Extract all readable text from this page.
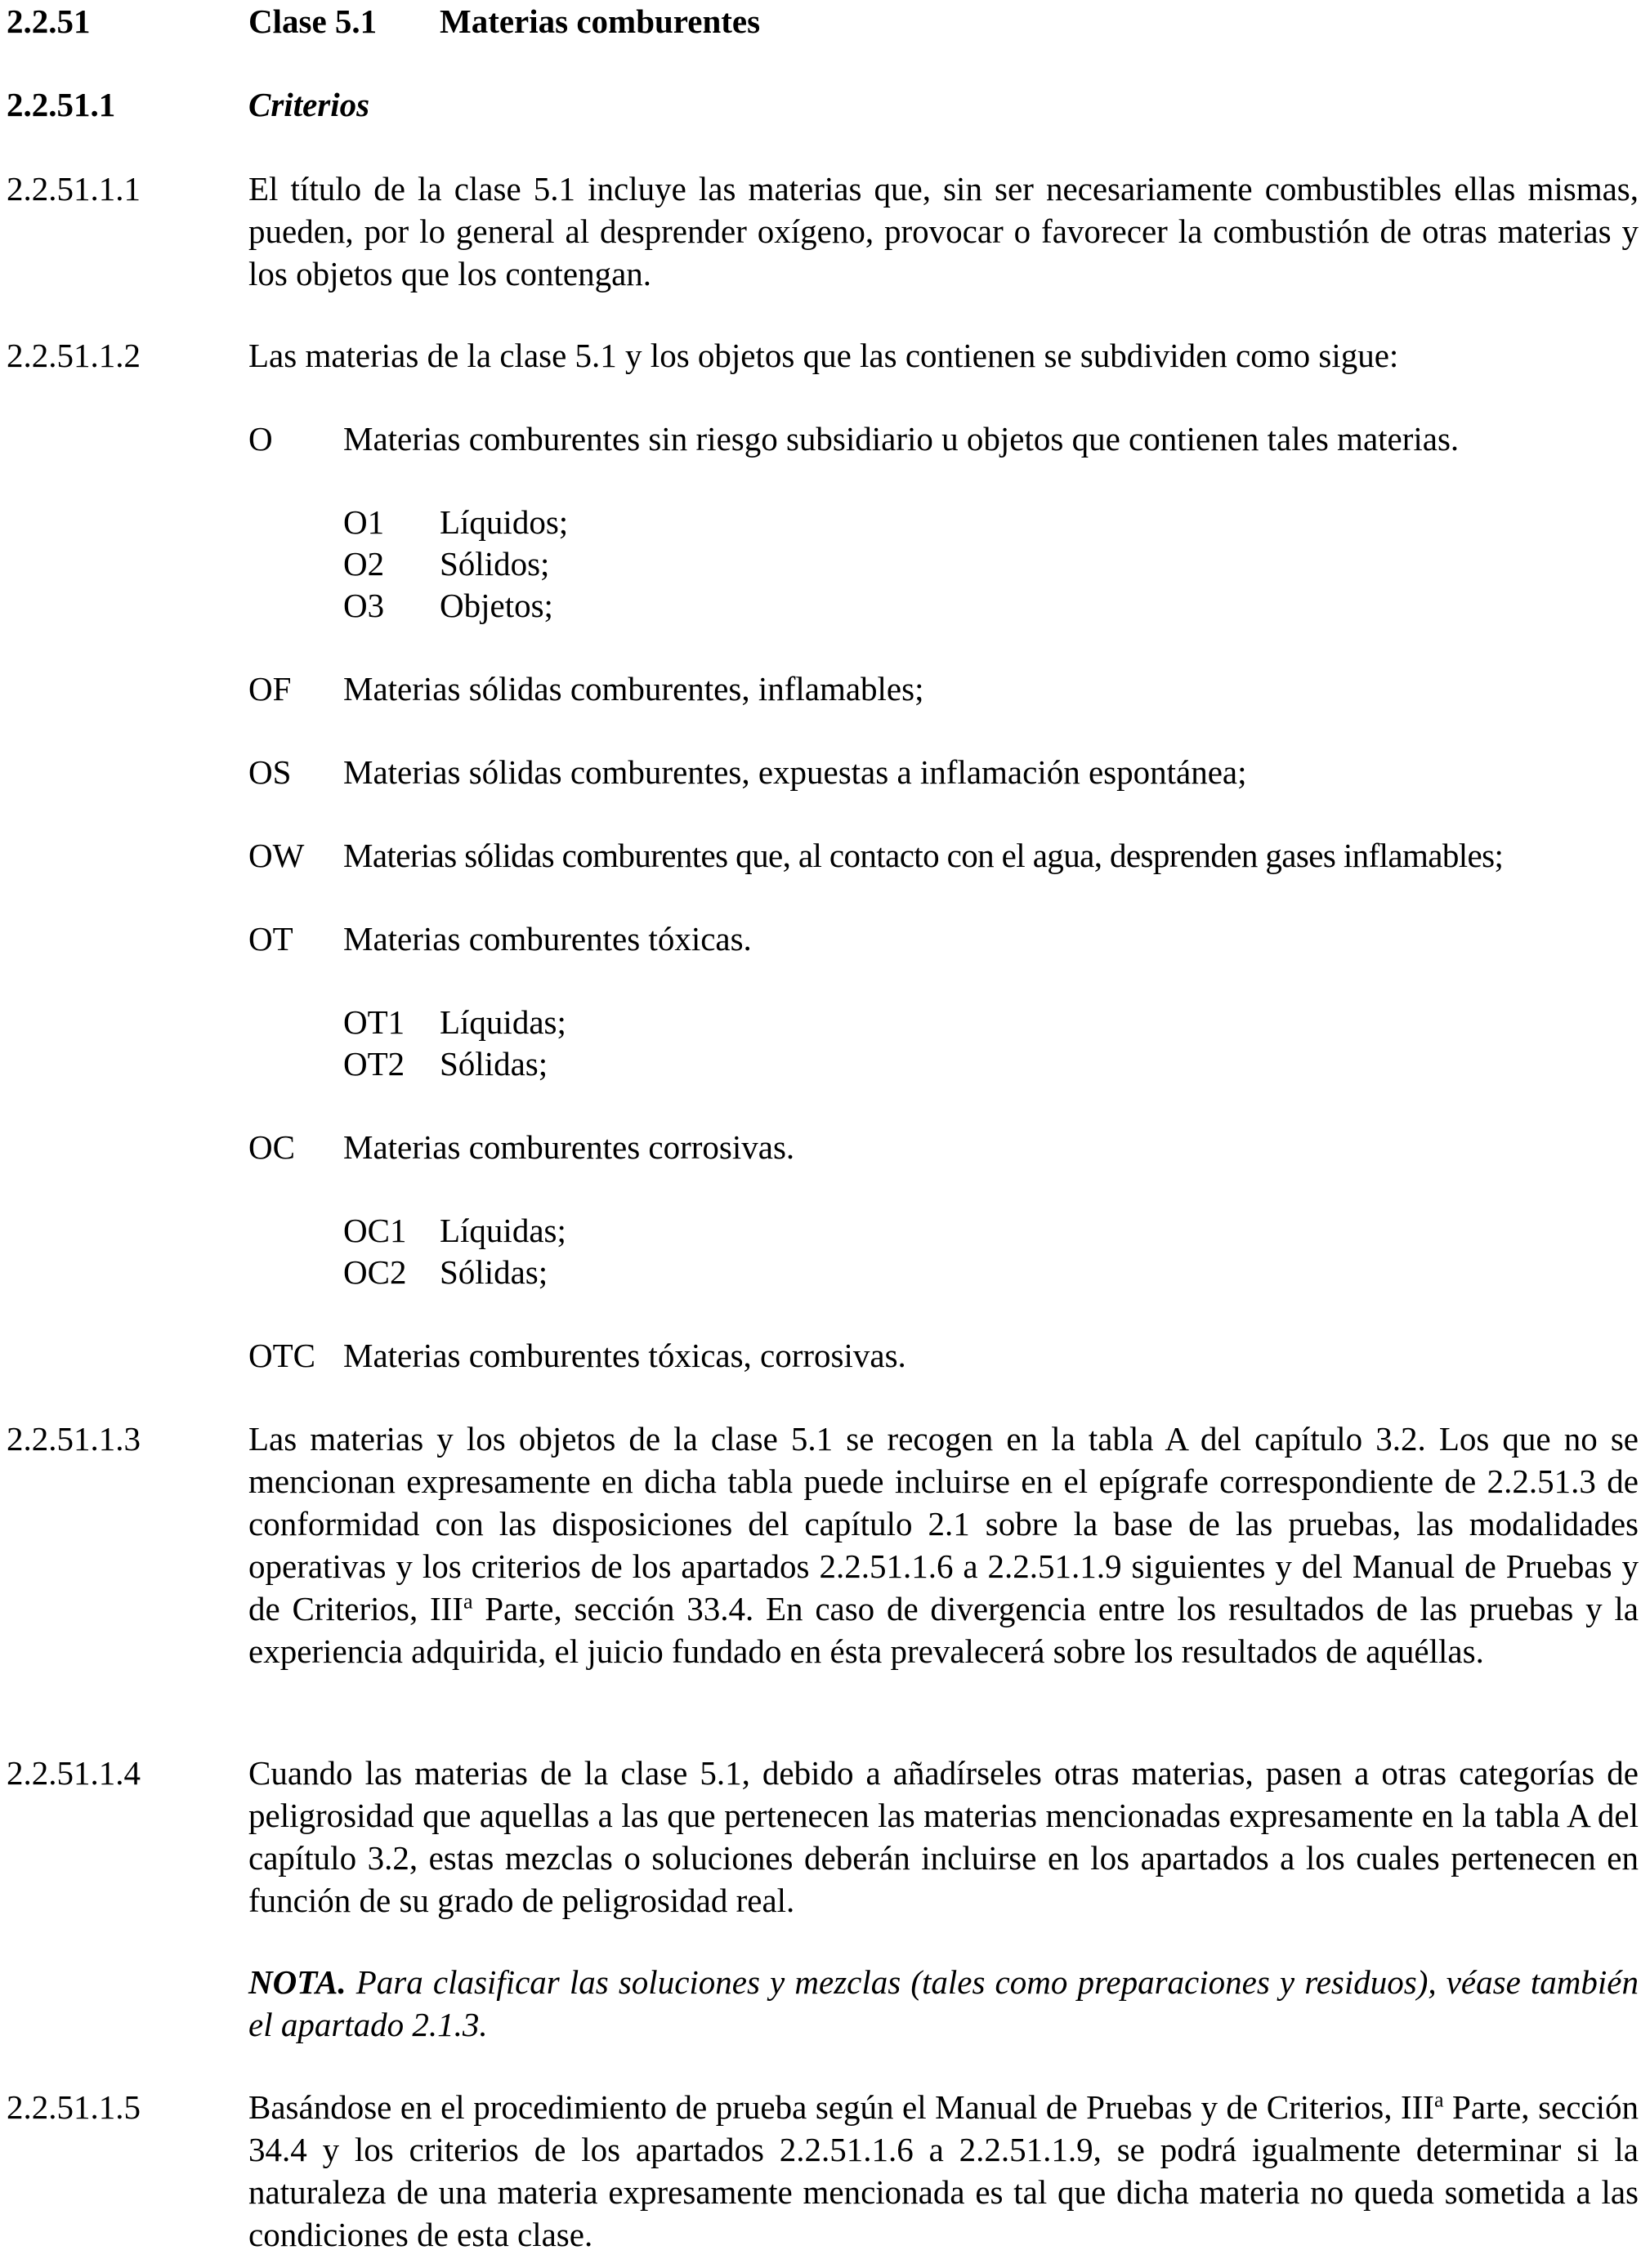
2.2.51	Clase 5.1 Materias comburentes
2.2.51.1	Criterios
2.2.51.1.1	El título de la clase 5.1 incluye las materias que, sin ser necesariamente combustibles ellas mismas, pueden, por lo general al desprender oxígeno, provocar o favorecer la combustión de otras materias y los objetos que los contengan.
2.2.51.1.2	Las materias de la clase 5.1 y los objetos que las contienen se subdividen como sigue:
O Materias comburentes sin riesgo subsidiario u objetos que contienen tales materias.
O1 Líquidos;
O2 Sólidos;
O3 Objetos;
OF Materias sólidas comburentes, inflamables;
OS Materias sólidas comburentes, expuestas a inflamación espontánea;
OW Materias sólidas comburentes que, al contacto con el agua, desprenden gases inflamables;
OT Materias comburentes tóxicas.
OT1 Líquidas;
OT2 Sólidas;
OC Materias comburentes corrosivas.
OC1 Líquidas;
OC2 Sólidas;
OTC Materias comburentes tóxicas, corrosivas.
2.2.51.1.3	Las materias y los objetos de la clase 5.1 se recogen en la tabla A del capítulo 3.2. Los que no se mencionan expresamente en dicha tabla puede incluirse en el epígrafe correspondiente de 2.2.51.3 de conformidad con las disposiciones del capítulo 2.1 sobre la base de las pruebas, las modalidades operativas y los criterios de los apartados 2.2.51.1.6 a 2.2.51.1.9 siguientes y del Manual de Pruebas y de Criterios, III$^a$ Parte, sección 33.4. En caso de divergencia entre los resultados de las pruebas y la experiencia adquirida, el juicio fundado en ésta prevalecerá sobre los resultados de aquéllas.
2.2.51.1.4	Cuando las materias de la clase 5.1, debido a añadírseles otras materias, pasen a otras categorías de peligrosidad que aquellas a las que pertenecen las materias mencionadas expresamente en la tabla A del capítulo 3.2, estas mezclas o soluciones deberán incluirse en los apartados a los cuales pertenecen en función de su grado de peligrosidad real.
NOTA. Para clasificar las soluciones y mezclas (tales como preparaciones y residuos), véase también el apartado 2.1.3.
2.2.51.1.5	Basándose en el procedimiento de prueba según el Manual de Pruebas y de Criterios, III$^a$ Parte, sección 34.4 y los criterios de los apartados 2.2.51.1.6 a 2.2.51.1.9, se podrá igualmente determinar si la naturaleza de una materia expresamente mencionada es tal que dicha materia no queda sometida a las condiciones de esta clase.
